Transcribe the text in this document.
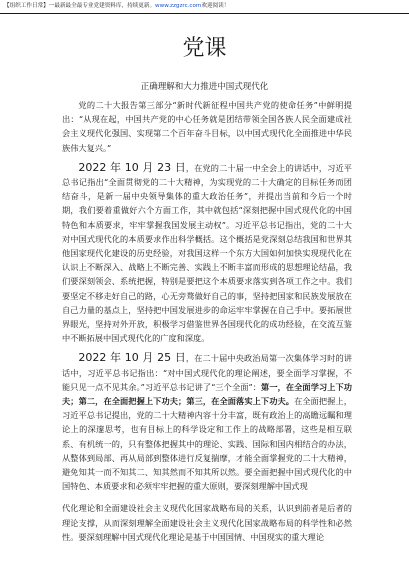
【组织工作日常】一最新最全最专业党建资料库，持续更新。www.zzgzrc.com欢迎阅读！
党课

正确理解和大力推进中国式现代化

党的二十大报告第三部分“新时代新征程中国共产党的使命任务”中鲜明提出：“从现在起，中国共产党的中心任务就是团结带领全国各族人民全面建成社会主义现代化强国、实现第二个百年奋斗目标，以中国式现代化全面推进中华民族伟大复兴。”

2022 年 10 月 23 日，在党的二十届一中全会上的讲话中，习近平总书记指出“全面贯彻党的二十大精神，为实现党的二十大确定的目标任务而团结奋斗，是新一届中央领导集体的重大政治任务”，并提出当前和今后一个时期，我们要着重做好六个方面工作，其中就包括“深刻把握中国式现代化的中国特色和本质要求，牢牢掌握我国发展主动权”。习近平总书记指出，党的二十大对中国式现代化的本质要求作出科学概括。这个概括是党深刻总结我国和世界其他国家现代化建设的历史经验，对我国这样一个东方大国如何加快实现现代化在认识上不断深入、战略上不断完善、实践上不断丰富而形成的思想理论结晶，我们要深刻领会、系统把握，特别是要把这个本质要求落实到各项工作之中。我们要坚定不移走好自己的路，心无旁骛做好自己的事，坚持把国家和民族发展放在自己力量的基点上，坚持把中国发展进步的命运牢牢掌握在自己手中。要拓展世界眼光，坚持对外开放，积极学习借鉴世界各国现代化的成功经验，在交流互鉴中不断拓展中国式现代化的广度和深度。

2022 年 10 月 25 日，在二十届中央政治局第一次集体学习时的讲话中，习近平总书记指出：“对中国式现代化的理论阐述，要全面学习掌握，不能只见一点不见其余。”习近平总书记讲了“三个全面”：第一，在全面学习上下功夫；第二，在全面把握上下功夫；第三，在全面落实上下功夫。在全面把握上，习近平总书记提出，党的二十大精神内容十分丰富，既有政治上的高瞻远瞩和理论上的深邃思考，也有目标上的科学设定和工作上的战略部署，这些是相互联系、有机统一的，只有整体把握其中的理论、实践、国际和国内相结合的办法，从整体到局部、再从局部到整体进行反复揣摩，才能全面掌握党的二十大精神，避免知其一而不知其二、知其然而不知其所以然。要全面把握中国式现代化的中国特色、本质要求和必须牢牢把握的重大原则，要深刻理解中国式现

代化理论和全面建设社会主义现代化国家战略布局的关系，认识到前者是后者的理论支撑，从而深刻理解全面建设社会主义现代化国家战略布局的科学性和必然性。要深刻理解中国式现代化理论是基于中国国情、中国现实的重大理论
